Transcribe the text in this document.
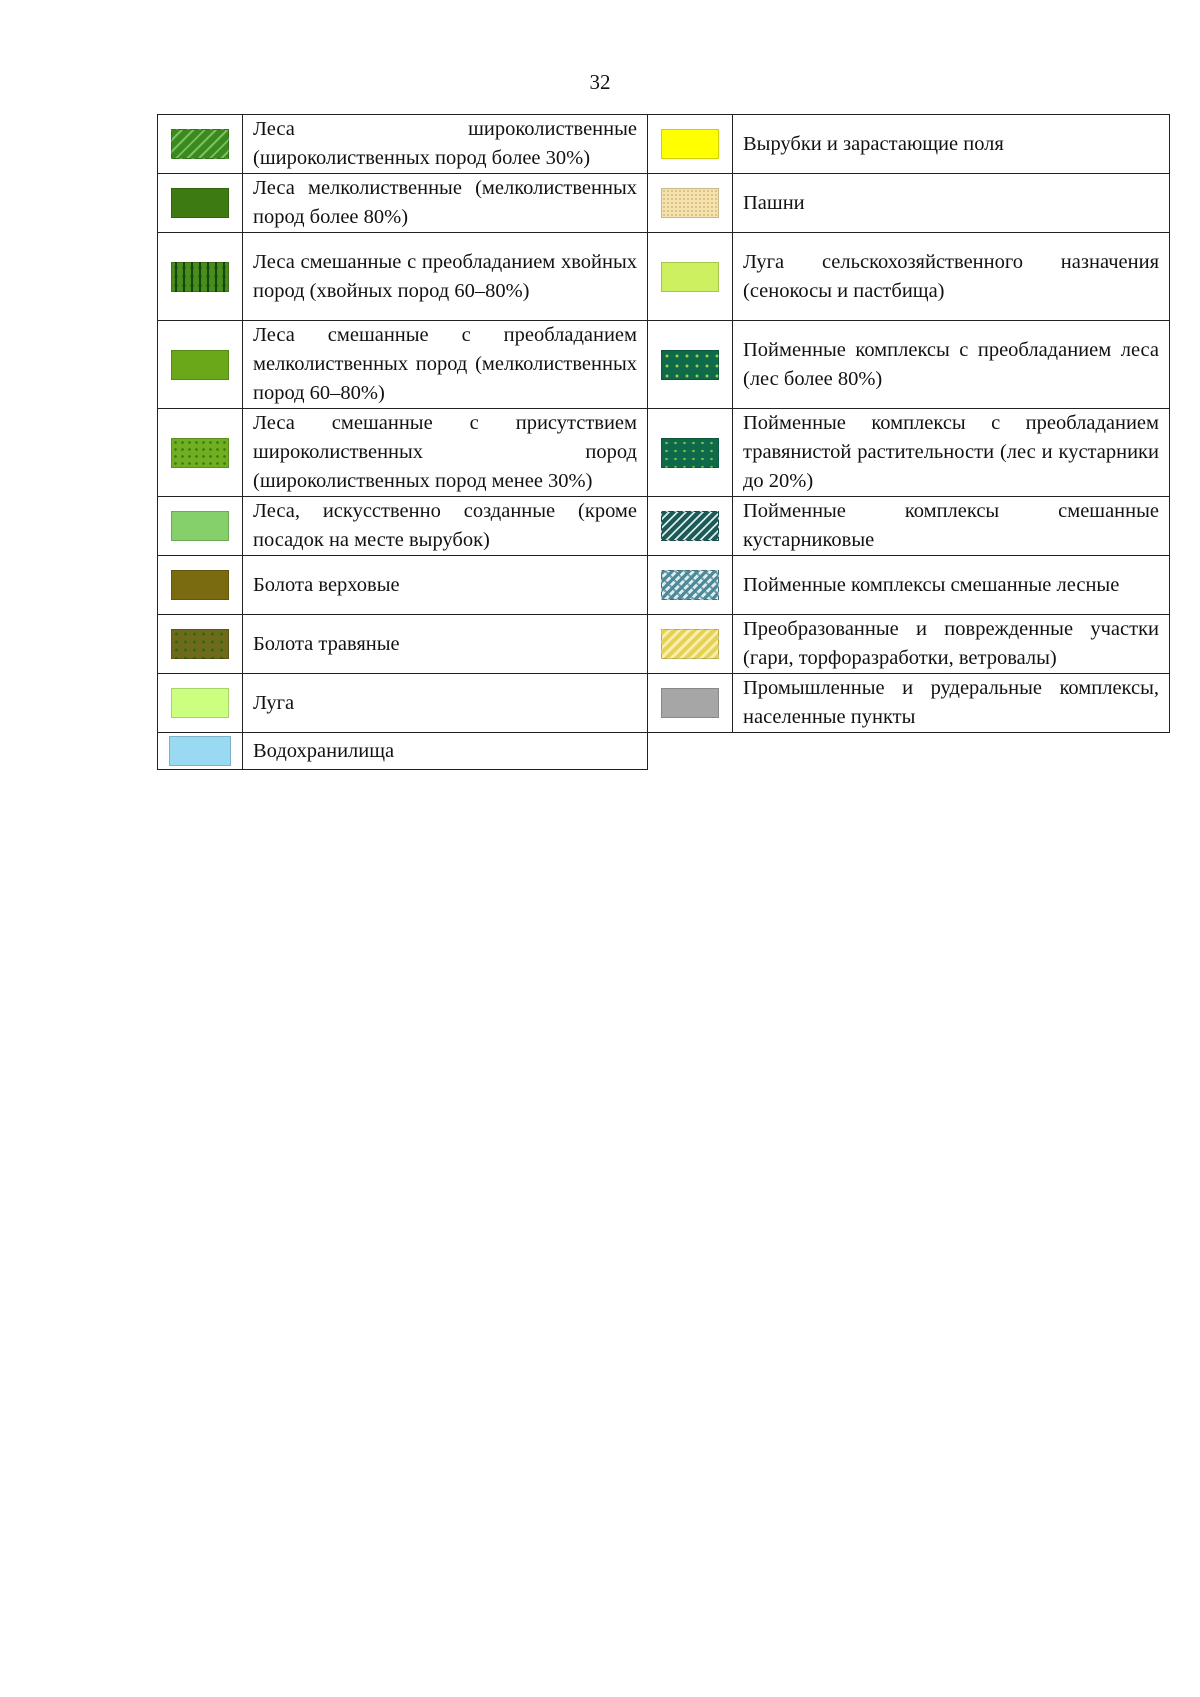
32
	Леса широколиственные (широколиственных пород более 30%)		Вырубки и зарастающие поля
	Леса мелколиственные (мелколиственных пород более 80%)		Пашни
	Леса смешанные с преобладанием хвойных пород (хвойных пород 60–80%)		Луга сельскохозяйственного назначения (сенокосы и пастбища)
	Леса смешанные с преобладанием мелколиственных пород (мелколиственных пород 60–80%)		Пойменные комплексы с преобладанием леса (лес более 80%)
	Леса смешанные с присутствием широколиственных пород (широколиственных пород менее 30%)		Пойменные комплексы с преобладанием травянистой растительности (лес и кустарники до 20%)
	Леса, искусственно созданные (кроме посадок на месте вырубок)		Пойменные комплексы смешанные кустарниковые
	Болота верховые		Пойменные комплексы смешанные лесные
	Болота травяные		Преобразованные и поврежденные участки (гари, торфоразработки, ветровалы)
	Луга		Промышленные и рудеральные комплексы, населенные пункты
	Водохранилища		
